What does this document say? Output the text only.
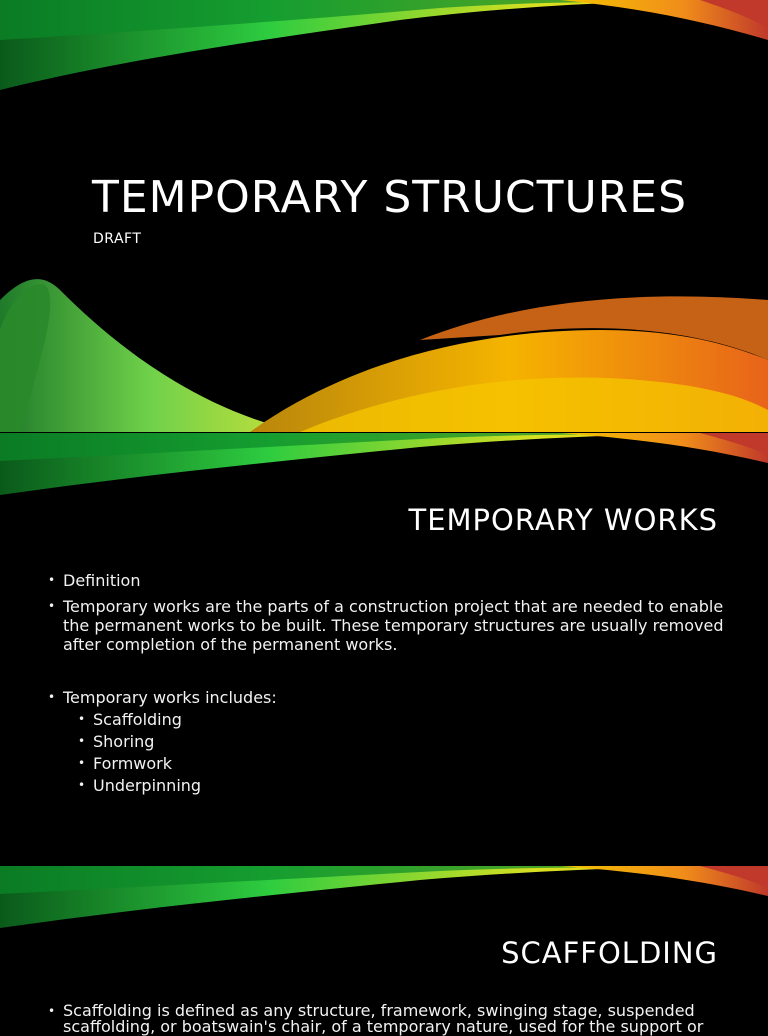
TEMPORARY STRUCTURES
DRAFT
TEMPORARY WORKS
• Definition
• Temporary works are the parts of a construction project that are needed to enable the permanent works to be built. These temporary structures are usually removed after completion of the permanent works.
• Temporary works includes:
• Scaffolding
• Shoring
• Formwork
• Underpinning
SCAFFOLDING
• Scaffolding is defined as any structure, framework, swinging stage, suspended scaffolding, or boatswain's chair, of a temporary nature, used for the support or
